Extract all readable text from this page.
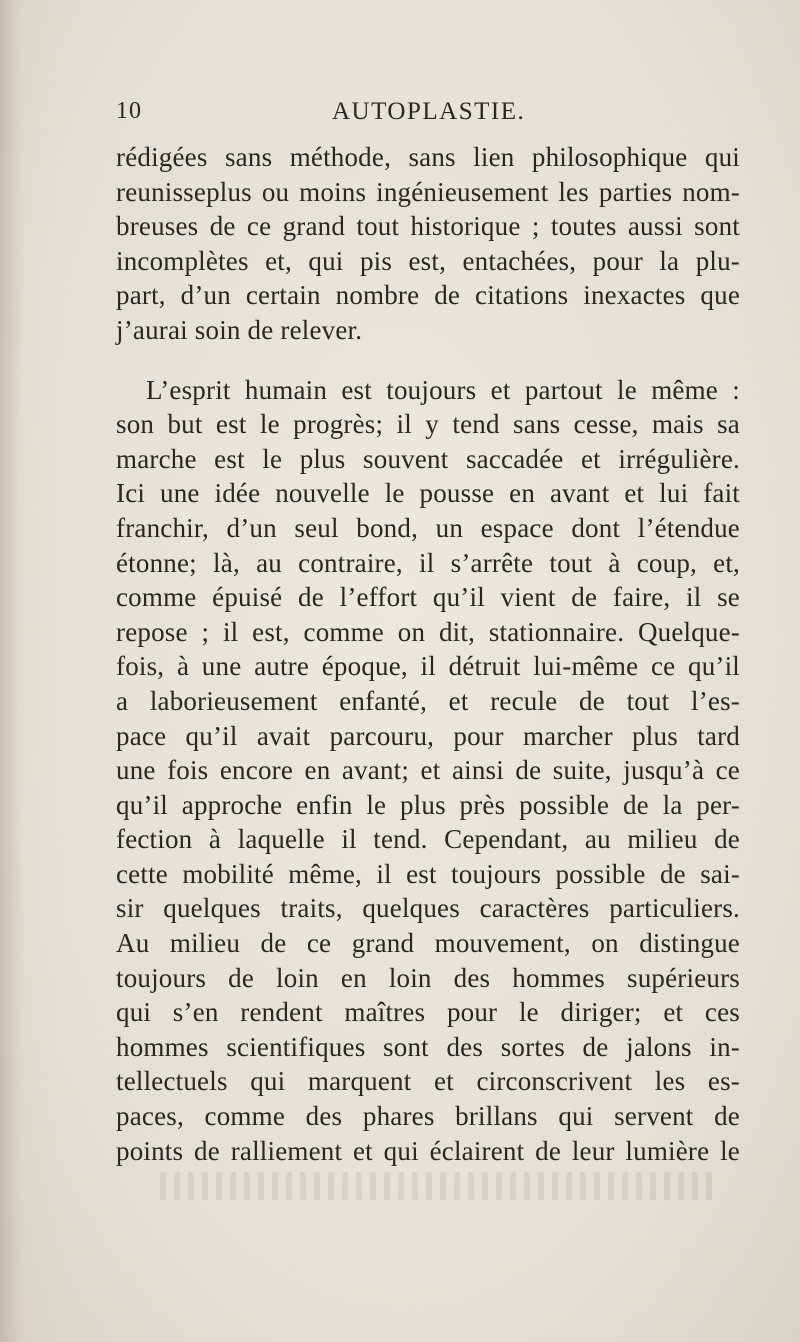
10	AUTOPLASTIE.
rédigées sans méthode, sans lien philosophique qui
reunisseplus ou moins ingénieusement les parties nom-
breuses de ce grand tout historique ; toutes aussi sont
incomplètes et, qui pis est, entachées, pour la plu-
part, d’un certain nombre de citations inexactes que
j’aurai soin de relever.
L’esprit humain est toujours et partout le même :
son but est le progrès; il y tend sans cesse, mais sa
marche est le plus souvent saccadée et irrégulière.
Ici une idée nouvelle le pousse en avant et lui fait
franchir, d’un seul bond, un espace dont l’étendue
étonne; là, au contraire, il s’arrête tout à coup, et,
comme épuisé de l’effort qu’il vient de faire, il se
repose ; il est, comme on dit, stationnaire. Quelque-
fois, à une autre époque, il détruit lui-même ce qu’il
a laborieusement enfanté, et recule de tout l’es-
pace qu’il avait parcouru, pour marcher plus tard
une fois encore en avant; et ainsi de suite, jusqu’à ce
qu’il approche enfin le plus près possible de la per-
fection à laquelle il tend. Cependant, au milieu de
cette mobilité même, il est toujours possible de sai-
sir quelques traits, quelques caractères particuliers.
Au milieu de ce grand mouvement, on distingue
toujours de loin en loin des hommes supérieurs
qui s’en rendent maîtres pour le diriger; et ces
hommes scientifiques sont des sortes de jalons in-
tellectuels qui marquent et circonscrivent les es-
paces, comme des phares brillans qui servent de
points de ralliement et qui éclairent de leur lumière le
